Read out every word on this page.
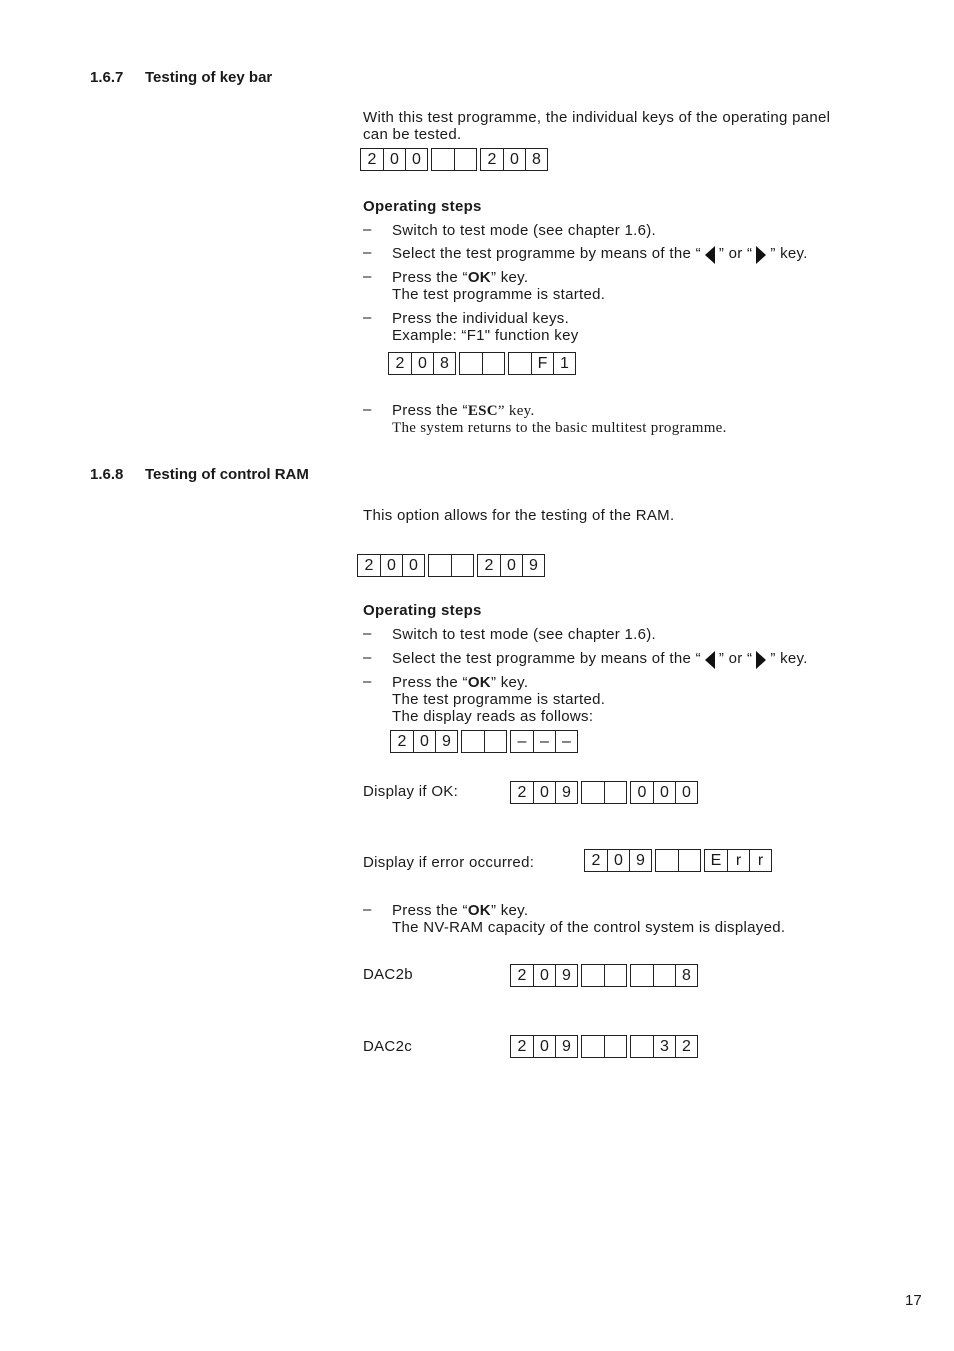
1.6.7 Testing of key bar
With this test programme, the individual keys of the operating panel
can be tested.
2 0 0	2 0 8
Operating steps
– Switch to test mode (see chapter 1.6).
– Select the test programme by means of the “ ” or “ ” key.
– Press the “OK” key.
The test programme is started.
– Press the individual keys.
Example: “F1" function key
2 0 8	F 1
– Press the “ESC” key.
The system returns to the basic multitest programme.
1.6.8 Testing of control RAM
This option allows for the testing of the RAM.
2 0 0	2 0 9
Operating steps
– Switch to test mode (see chapter 1.6).
– Select the test programme by means of the “ ” or “ ” key.
– Press the “OK” key.
The test programme is started.
The display reads as follows:
2 0 9	– – –
Display if OK:	2 0 9	0 0 0
Display if error occurred:	2 0 9	E r	r
– Press the “OK” key.
The NV-RAM capacity of the control system is displayed.
DAC2b	2 0 9	8
DAC2c	2 0 9	3 2
17
